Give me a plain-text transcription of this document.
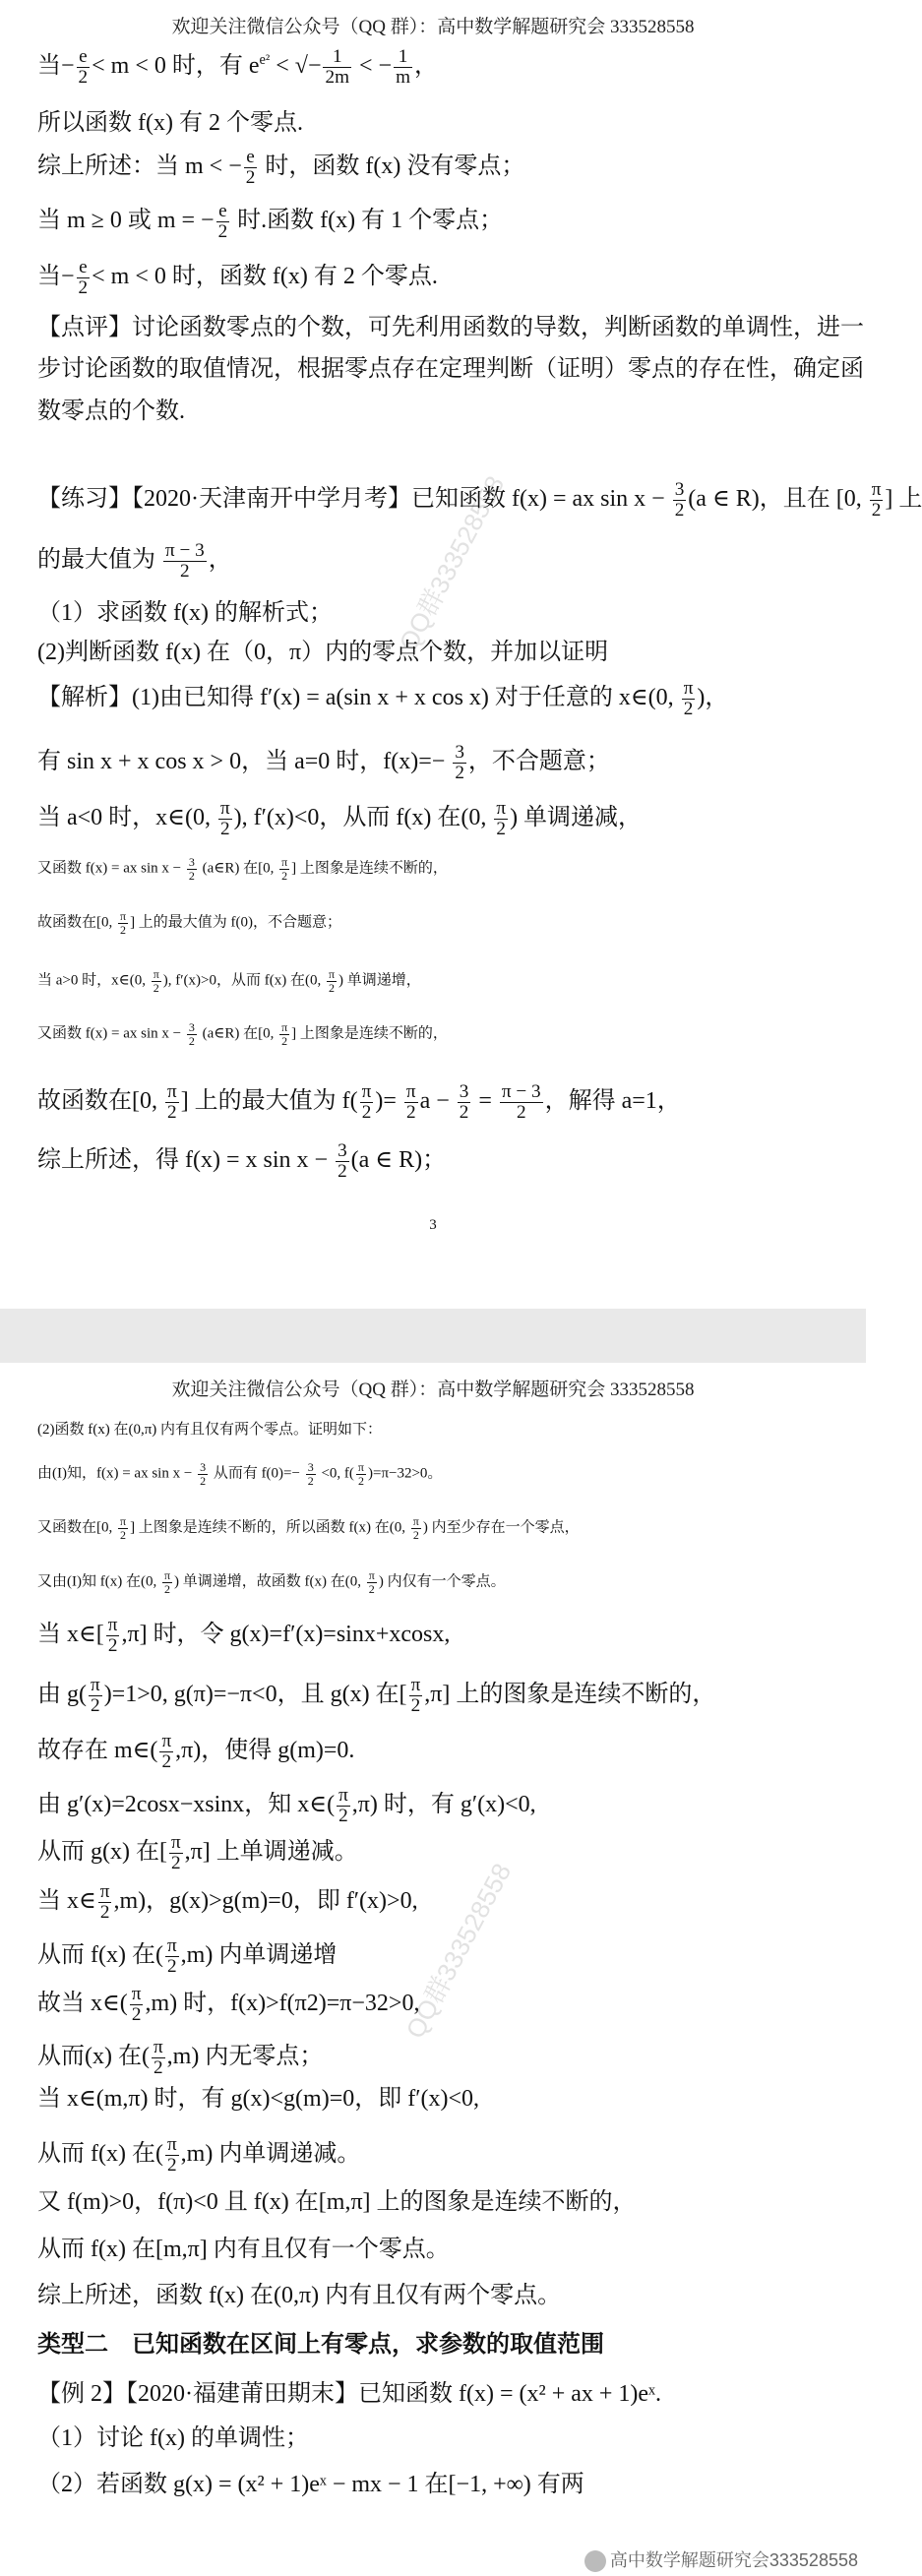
欢迎关注微信公众号（QQ 群）：高中数学解题研究会 333528558
QQ群333528558
当− $\frac{e}{2} < m < 0$ 时，有 $e^{e^2}$ < √− $\frac{1}{2m}$ < − $\frac{1}{m}$ ，
所以函数 f(x) 有 2 个零点.
综上所述：当 m < − $\frac{e}{2}$ 时，函数 f(x) 没有零点；
当 m ≥ 0 或 m = − $\frac{e}{2}$ 时.函数 f(x) 有 1 个零点；
当− $\frac{e}{2} < m < 0$ 时，函数 f(x) 有 2 个零点.
【点评】讨论函数零点的个数，可先利用函数的导数，判断函数的单调性，进一
步讨论函数的取值情况，根据零点存在定理判断（证明）零点的存在性，确定函
数零点的个数.
【练习】【2020·天津南开中学月考】已知函数 f(x) = ax $\sin x - \frac{3}{2} (a$ ∈ R)，且在 [0, $\frac{\pi}{2}$ ] 上
的最大值为 $\frac{\pi - 3}{2}$ ，
（1）求函数 f(x) 的解析式；
(2)判断函数 f(x) 在（0，π）内的零点个数，并加以证明
【解析】(1)由已知得 f′(x) = a(sin x + x cos x) 对于任意的 x∈(0, $\frac{\pi}{2}$ )，
有 sin x + x cos x > 0，当 a=0 时，$f(x)=- \frac{3}{2}$ ，不合题意；
当 a<0 时，x∈(0, $\frac{\pi}{2}$ ), f′(x)<0，从而 f(x) 在(0, $\frac{\pi}{2}$ ) 单调递减，
又函数 f(x) = ax $\sin x - \frac{3}{2}$ (a∈R) 在[0, $\frac{\pi}{2}$ ] 上图象是连续不断的，
故函数在[0, $\frac{\pi}{2}$ ] 上的最大值为 f(0)，不合题意；
当 a>0 时，x∈(0, $\frac{\pi}{2}$ ), f′(x)>0，从而 f(x) 在(0, $\frac{\pi}{2}$ ) 单调递增，
又函数 f(x) = ax $\sin x - \frac{3}{2}$ (a∈R) 在[0, $\frac{\pi}{2}$ ] 上图象是连续不断的，
故函数在[0, $\frac{\pi}{2}$ ] 上的最大值为 $f( \frac{\pi}{2}$ )= $\frac{\pi}{2}$ $a - \frac{3}{2} = \frac{\pi - 3}{2}$ ，解得 a=1，
综上所述，得 f(x) = x $\sin x - \frac{3}{2} (a$ ∈ R)；
3
欢迎关注微信公众号（QQ 群）：高中数学解题研究会 333528558
QQ群333528558
(2)函数 f(x) 在(0,π) 内有且仅有两个零点。证明如下：
由(I)知，f(x) = ax $\sin x - \frac{3}{2}$ 从而有 $f(0)=- \frac{3}{2} <0$, $f( \frac{\pi}{2} )=\pi-32>0$。
又函数在[0, $\frac{\pi}{2}$ ] 上图象是连续不断的，所以函数 f(x) 在(0, $\frac{\pi}{2}$ ) 内至少存在一个零点，
又由(I)知 f(x) 在(0, $\frac{\pi}{2}$ ) 单调递增，故函数 f(x) 在(0, $\frac{\pi}{2}$ ) 内仅有一个零点。
当 x∈[ $\frac{\pi}{2} ,\pi$] 时，令 g(x)=f′(x)=sinx+xcosx,
由 $g( \frac{\pi}{2} )=1>0$, g(π)=−π<0，且 g(x) 在[ $\frac{\pi}{2} ,\pi$] 上的图象是连续不断的，
故存在 m∈( $\frac{\pi}{2} ,\pi$)，使得 g(m)=0.
由 g′(x)=2cosx−xsinx，知 x∈( $\frac{\pi}{2} ,\pi$) 时，有 g′(x)<0,
从而 g(x) 在[ $\frac{\pi}{2} ,\pi$] 上单调递减。
当 x∈ $\frac{\pi}{2} ,m$)，g(x)>g(m)=0，即 f′(x)>0,
从而 f(x) 在( $\frac{\pi}{2} ,m$) 内单调递增
故当 x∈( $\frac{\pi}{2} ,m$) 时，f(x)>f(π2)=π−32>0,
从而(x) 在( $\frac{\pi}{2} ,m$) 内无零点；
当 x∈(m,π) 时，有 g(x)<g(m)=0，即 f′(x)<0,
从而 f(x) 在( $\frac{\pi}{2} ,m$) 内单调递减。
又 f(m)>0，f(π)<0 且 f(x) 在[m,π] 上的图象是连续不断的，
从而 f(x) 在[m,π] 内有且仅有一个零点。
综上所述，函数 f(x) 在(0,π) 内有且仅有两个零点。
类型二　已知函数在区间上有零点，求参数的取值范围
【例 2】【2020·福建莆田期末】已知函数 f(x) = (x² + ax + 1)eˣ.
（1）讨论 f(x) 的单调性；
（2）若函数 g(x) = (x² + 1)eˣ − mx − 1 在[−1, +∞) 有两
高中数学解题研究会333528558
